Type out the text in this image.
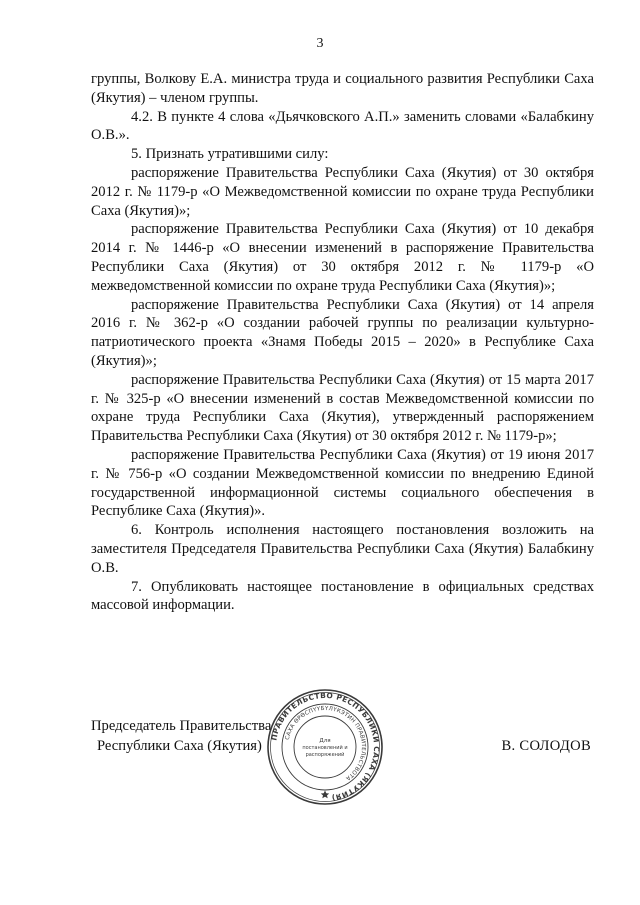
3

группы, Волкову Е.А. министра труда и социального развития Республики Саха (Якутия) – членом группы.

4.2. В пункте 4 слова «Дьячковского А.П.» заменить словами «Балабкину О.В.».

5. Признать утратившими силу:

распоряжение Правительства Республики Саха (Якутия) от 30 октября 2012 г. № 1179-р «О Межведомственной комиссии по охране труда Республики Саха (Якутия)»;

распоряжение Правительства Республики Саха (Якутия) от 10 декабря 2014 г. № 1446-р «О внесении изменений в распоряжение Правительства Республики Саха (Якутия) от 30 октября 2012 г. № 1179-р «О межведомственной комиссии по охране труда Республики Саха (Якутия)»;

распоряжение Правительства Республики Саха (Якутия) от 14 апреля 2016 г. № 362-р «О создании рабочей группы по реализации культурно-патриотического проекта «Знамя Победы 2015 – 2020» в Республике Саха (Якутия)»;

распоряжение Правительства Республики Саха (Якутия) от 15 марта 2017 г. № 325-р «О внесении изменений в состав Межведомственной комиссии по охране труда Республики Саха (Якутия), утвержденный распоряжением Правительства Республики Саха (Якутия) от 30 октября 2012 г. № 1179-р»;

распоряжение Правительства Республики Саха (Якутия) от 19 июня 2017 г. № 756-р «О создании Межведомственной комиссии по внедрению Единой государственной информационной системы социального обеспечения в Республике Саха (Якутия)».

6. Контроль исполнения настоящего постановления возложить на заместителя Председателя Правительства Республики Саха (Якутия) Балабкину О.В.

7. Опубликовать настоящее постановление в официальных средствах массовой информации.

Председатель Правительства
Республики Саха (Якутия)	В. СОЛОДОВ
ПРАВИТЕЛЬСТВО РЕСПУБЛИКИ САХА (ЯКУТИЯ)
САХА ӨРӨСПҮҮБҮЛҮКЭТИН ПРАВИТЕЛЬСТВОТА
Для
постановлений и
распоряжений
